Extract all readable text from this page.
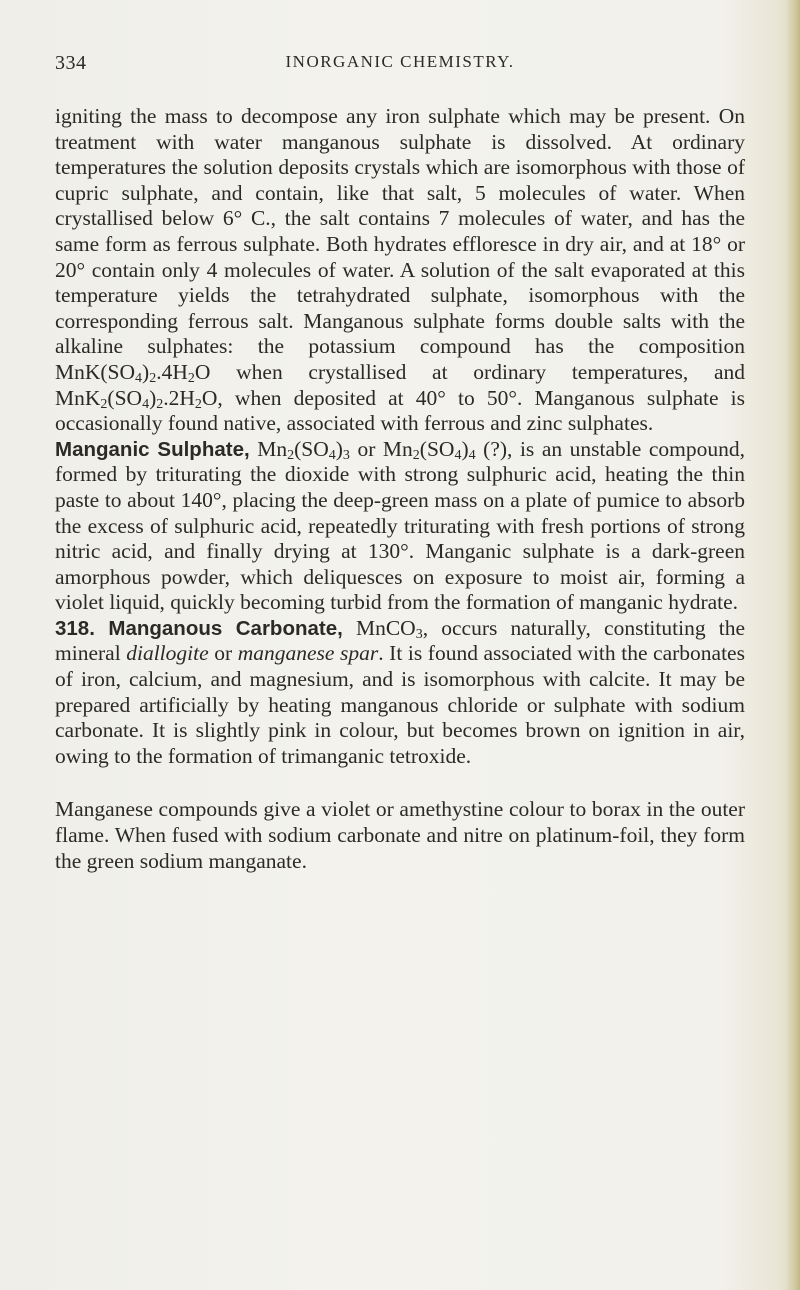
334	INORGANIC CHEMISTRY.

igniting the mass to decompose any iron sulphate which may be present. On treatment with water manganous sulphate is dissolved. At ordinary temperatures the solution deposits crystals which are isomorphous with those of cupric sulphate, and contain, like that salt, 5 molecules of water. When crystallised below 6° C., the salt contains 7 molecules of water, and has the same form as ferrous sulphate. Both hydrates effloresce in dry air, and at 18° or 20° contain only 4 molecules of water. A solution of the salt evaporated at this temperature yields the tetrahydrated sulphate, isomorphous with the corresponding ferrous salt. Manganous sulphate forms double salts with the alkaline sulphates: the potassium compound has the composition $MnK(SO_4)_2.4H_2O$ when crystallised at ordinary temperatures, and $MnK_2(SO_4)_2.2H_2O$, when deposited at 40° to 50°. Manganous sulphate is occasionally found native, associated with ferrous and zinc sulphates.

Manganic Sulphate, $Mn_2(SO_4)_3$ or $Mn_2(SO_4)_4$ (?), is an unstable compound, formed by triturating the dioxide with strong sulphuric acid, heating the thin paste to about 140°, placing the deep-green mass on a plate of pumice to absorb the excess of sulphuric acid, repeatedly triturating with fresh portions of strong nitric acid, and finally drying at 130°. Manganic sulphate is a dark-green amorphous powder, which deliquesces on exposure to moist air, forming a violet liquid, quickly becoming turbid from the formation of manganic hydrate.

318. Manganous Carbonate, MnCO$_3$, occurs naturally, constituting the mineral diallogite or manganese spar. It is found associated with the carbonates of iron, calcium, and magnesium, and is isomorphous with calcite. It may be prepared artificially by heating manganous chloride or sulphate with sodium carbonate. It is slightly pink in colour, but becomes brown on ignition in air, owing to the formation of trimanganic tetroxide.

Manganese compounds give a violet or amethystine colour to borax in the outer flame. When fused with sodium carbonate and nitre on platinum-foil, they form the green sodium manganate.
